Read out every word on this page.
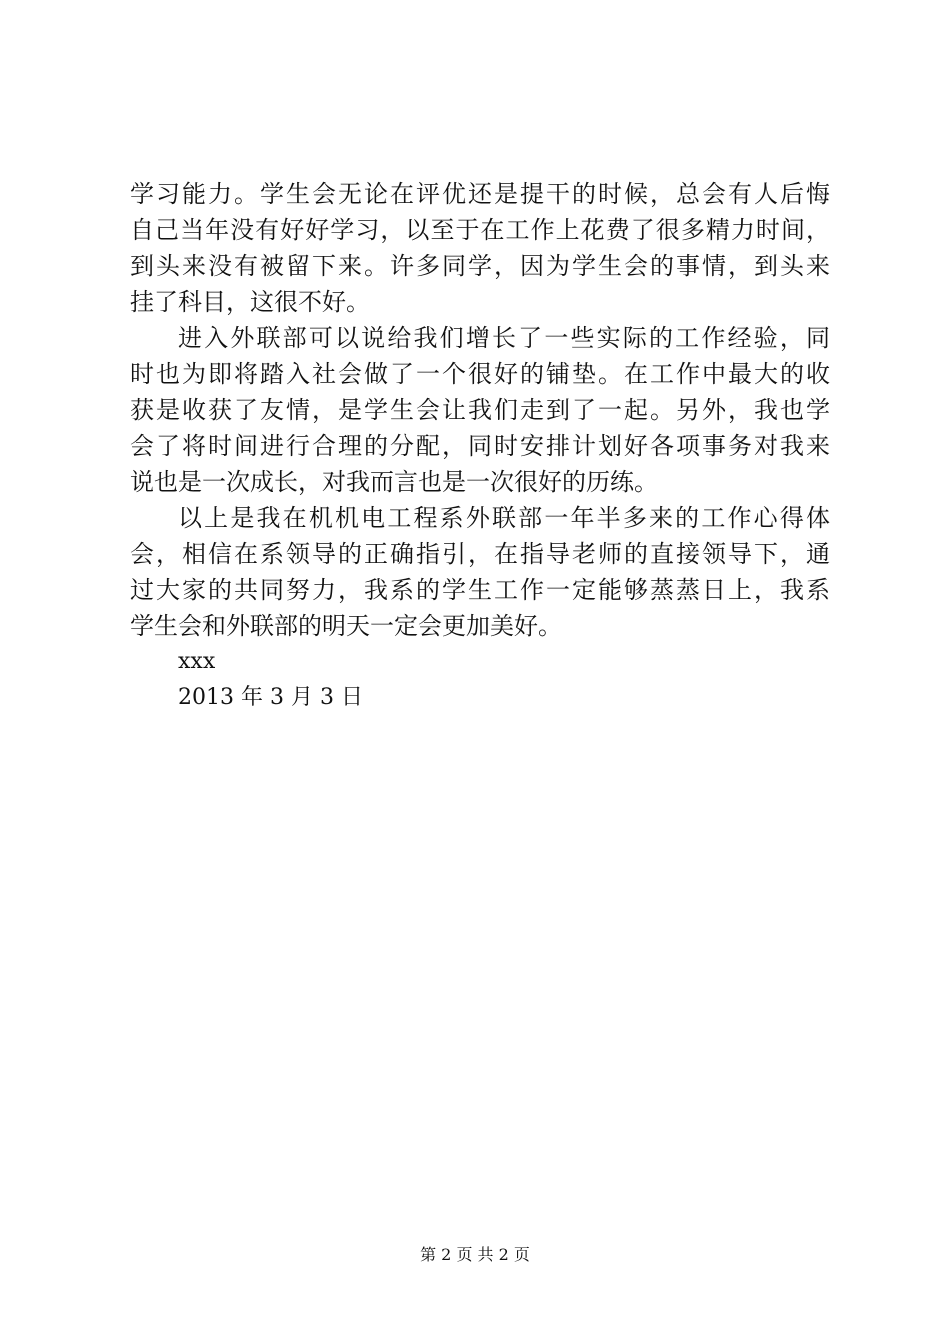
学习能力。学生会无论在评优还是提干的时候，总会有人后悔
自己当年没有好好学习，以至于在工作上花费了很多精力时间，
到头来没有被留下来。许多同学，因为学生会的事情，到头来
挂了科目，这很不好。
进入外联部可以说给我们增长了一些实际的工作经验，同
时也为即将踏入社会做了一个很好的铺垫。在工作中最大的收
获是收获了友情，是学生会让我们走到了一起。另外，我也学
会了将时间进行合理的分配，同时安排计划好各项事务对我来
说也是一次成长，对我而言也是一次很好的历练。
以上是我在机机电工程系外联部一年半多来的工作心得体
会，相信在系领导的正确指引，在指导老师的直接领导下，通
过大家的共同努力，我系的学生工作一定能够蒸蒸日上，我系
学生会和外联部的明天一定会更加美好。
xxx
2013 年 3 月 3 日
第 2 页 共 2 页
